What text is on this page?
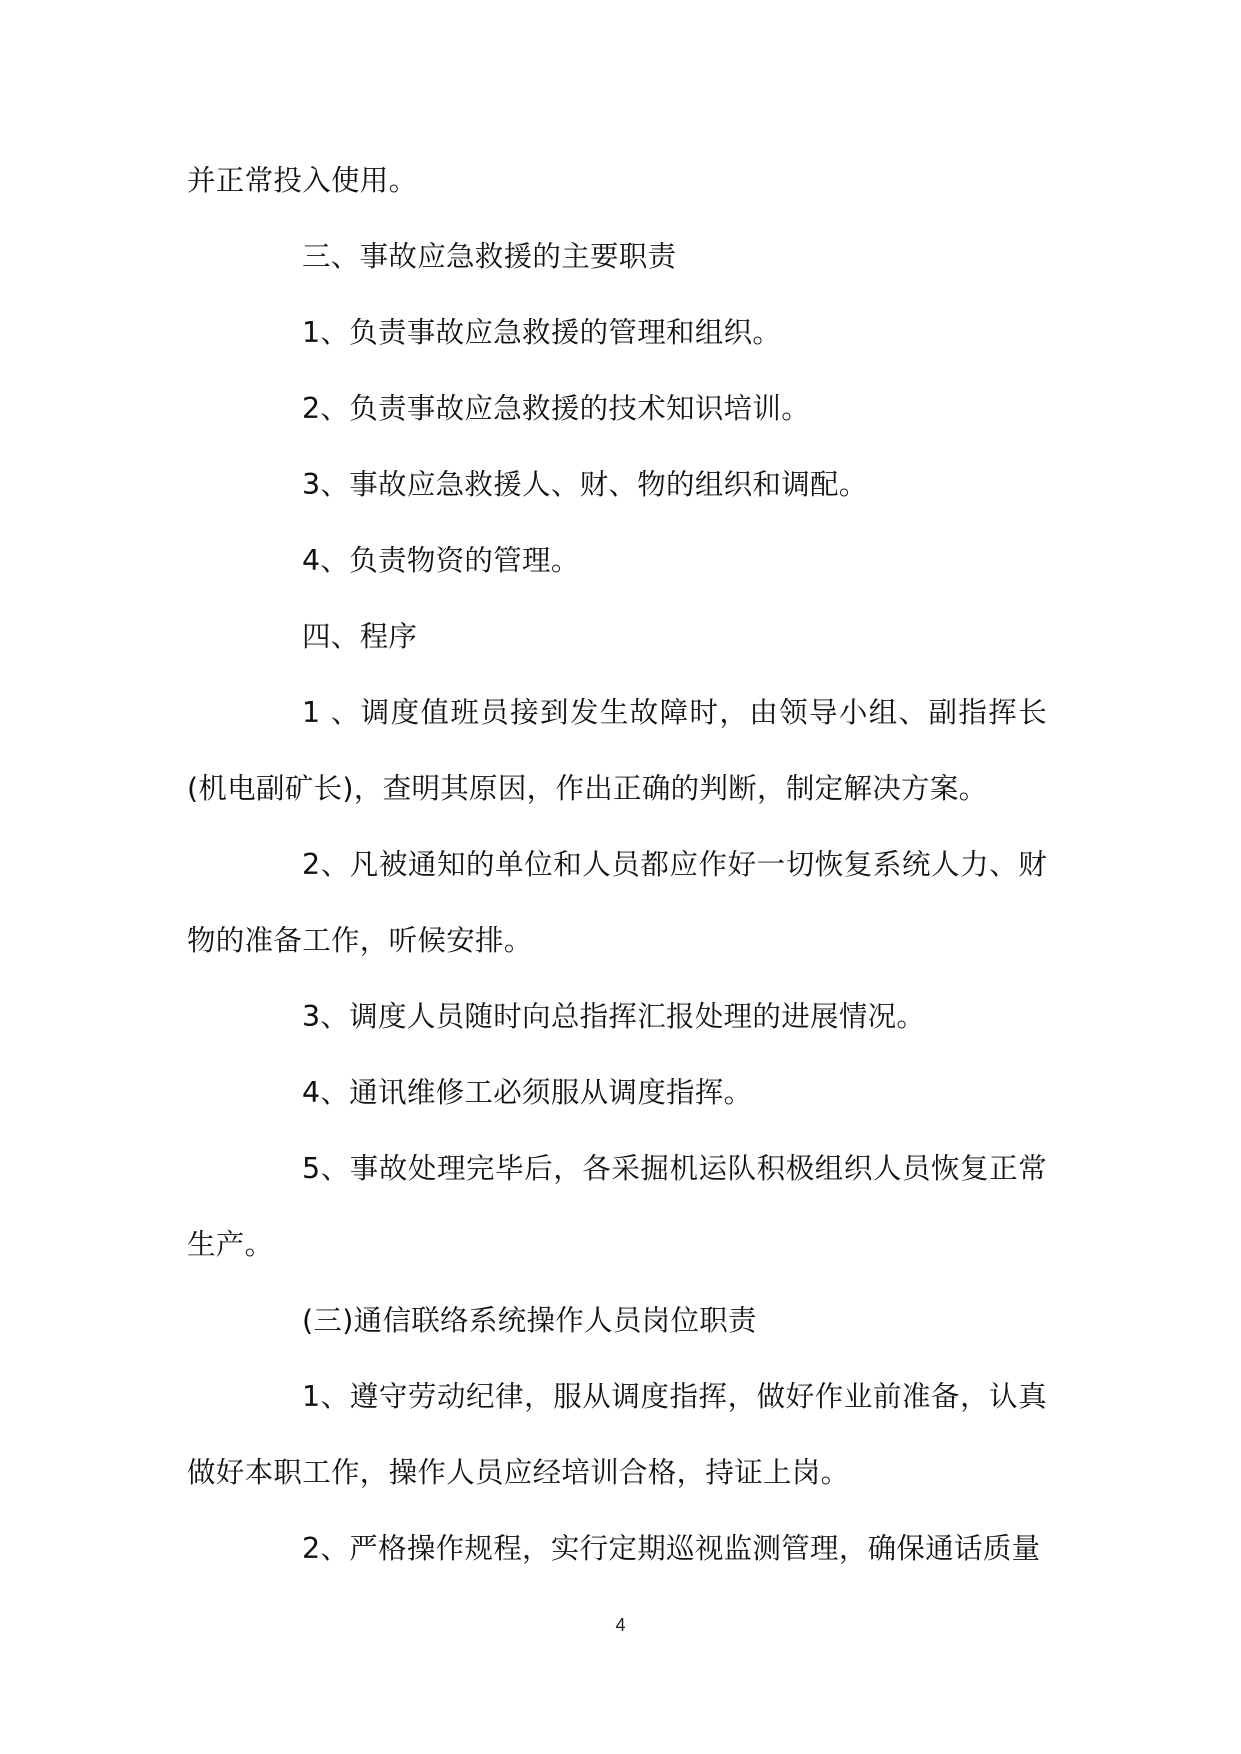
并正常投入使用。

三、事故应急救援的主要职责

1、负责事故应急救援的管理和组织。

2、负责事故应急救援的技术知识培训。

3、事故应急救援人、财、物的组织和调配。

4、负责物资的管理。

四、程序

1 、调度值班员接到发生故障时，由领导小组、副指挥长(机电副矿长)，查明其原因，作出正确的判断，制定解决方案。

2、凡被通知的单位和人员都应作好一切恢复系统人力、财物的准备工作，听候安排。

3、调度人员随时向总指挥汇报处理的进展情况。

4、通讯维修工必须服从调度指挥。

5、事故处理完毕后，各采掘机运队积极组织人员恢复正常生产。

(三)通信联络系统操作人员岗位职责

1、遵守劳动纪律，服从调度指挥，做好作业前准备，认真做好本职工作，操作人员应经培训合格，持证上岗。

2、严格操作规程，实行定期巡视监测管理，确保通话质量

4
